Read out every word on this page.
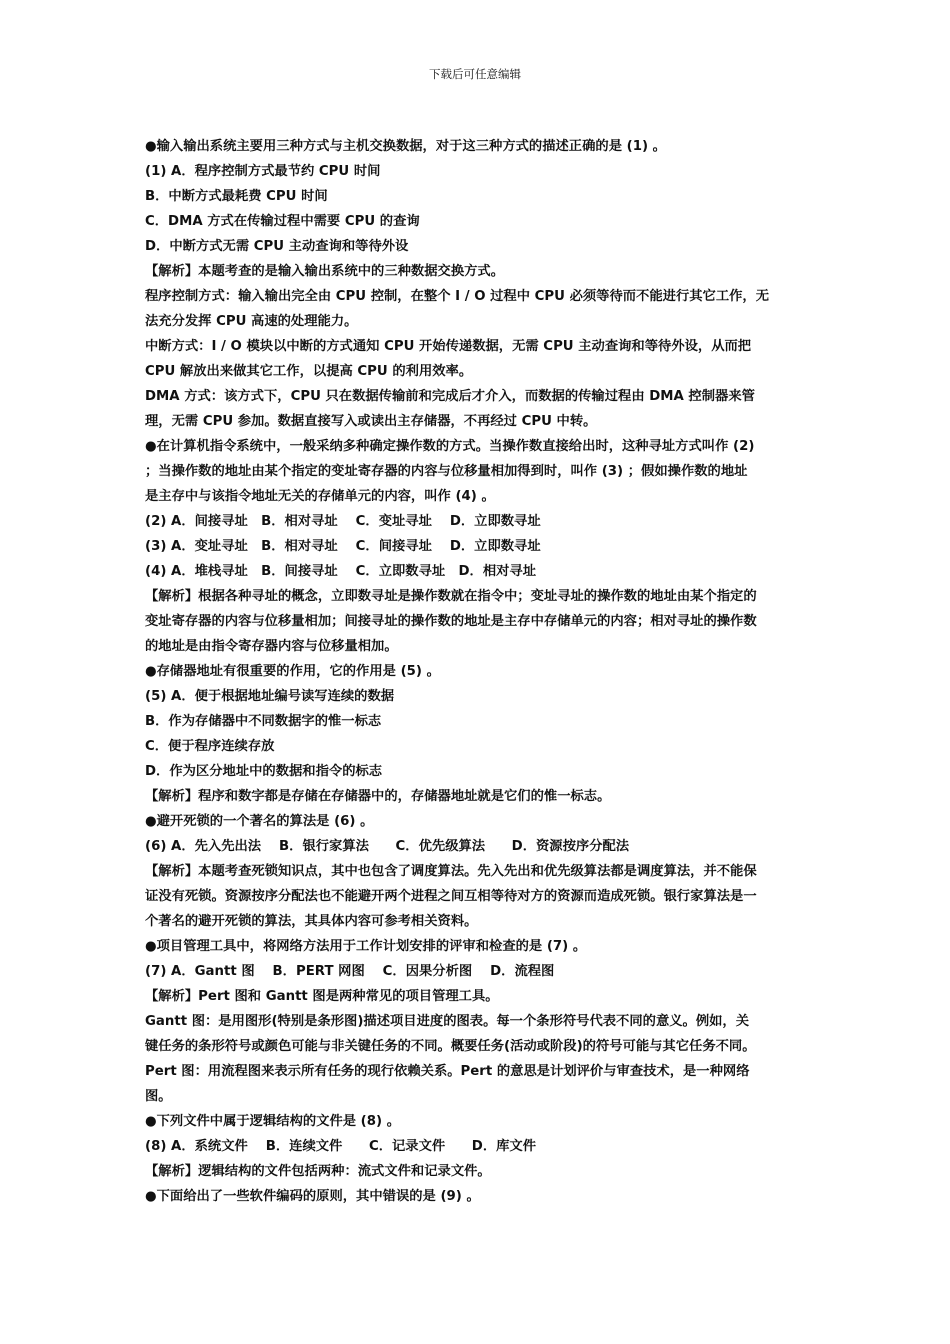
下载后可任意编辑

●输入输出系统主要用三种方式与主机交换数据，对于这三种方式的描述正确的是 (1) 。

(1) A．程序控制方式最节约 CPU 时间

B．中断方式最耗费 CPU 时间

C．DMA 方式在传输过程中需要 CPU 的查询

D．中断方式无需 CPU 主动查询和等待外设

【解析】本题考查的是输入输出系统中的三种数据交换方式。

程序控制方式：输入输出完全由 CPU 控制，在整个 I / O 过程中 CPU 必须等待而不能进行其它工作，无

法充分发挥 CPU 高速的处理能力。

中断方式：I / O 模块以中断的方式通知 CPU 开始传递数据，无需 CPU 主动查询和等待外设，从而把

CPU 解放出来做其它工作，以提高 CPU 的利用效率。

DMA 方式：该方式下，CPU 只在数据传输前和完成后才介入，而数据的传输过程由 DMA 控制器来管

理，无需 CPU 参加。数据直接写入或读出主存储器，不再经过 CPU 中转。

●在计算机指令系统中，一般采纳多种确定操作数的方式。当操作数直接给出时，这种寻址方式叫作 (2)

；当操作数的地址由某个指定的变址寄存器的内容与位移量相加得到时，叫作 (3) ；假如操作数的地址

是主存中与该指令地址无关的存储单元的内容，叫作 (4) 。

(2) A．间接寻址　B．相对寻址　 C．变址寻址　 D．立即数寻址

(3) A．变址寻址　B．相对寻址　 C．间接寻址　 D．立即数寻址

(4) A．堆栈寻址　B．间接寻址　 C．立即数寻址　D．相对寻址

【解析】根据各种寻址的概念，立即数寻址是操作数就在指令中；变址寻址的操作数的地址由某个指定的

变址寄存器的内容与位移量相加；间接寻址的操作数的地址是主存中存储单元的内容；相对寻址的操作数

的地址是由指令寄存器内容与位移量相加。

●存储器地址有很重要的作用，它的作用是 (5) 。

(5) A．便于根据地址编号读写连续的数据

B．作为存储器中不同数据字的惟一标志

C．便于程序连续存放

D．作为区分地址中的数据和指令的标志

【解析】程序和数字都是存储在存储器中的，存储器地址就是它们的惟一标志。

●避开死锁的一个著名的算法是 (6) 。

(6) A．先入先出法　 B．银行家算法　　C．优先级算法　　D．资源按序分配法

【解析】本题考查死锁知识点，其中也包含了调度算法。先入先出和优先级算法都是调度算法，并不能保

证没有死锁。资源按序分配法也不能避开两个进程之间互相等待对方的资源而造成死锁。银行家算法是一

个著名的避开死锁的算法，其具体内容可参考相关资料。

●项目管理工具中，将网络方法用于工作计划安排的评审和检查的是 (7) 。

(7) A．Gantt 图　 B．PERT 网图　 C．因果分析图　 D．流程图

【解析】Pert 图和 Gantt 图是两种常见的项目管理工具。

Gantt 图：是用图形(特别是条形图)描述项目进度的图表。每一个条形符号代表不同的意义。例如，关

键任务的条形符号或颜色可能与非关键任务的不同。概要任务(活动或阶段)的符号可能与其它任务不同。

Pert 图：用流程图来表示所有任务的现行依赖关系。Pert 的意思是计划评价与审查技术，是一种网络

图。

●下列文件中属于逻辑结构的文件是 (8) 。

(8) A．系统文件　 B．连续文件　　C．记录文件　　D．库文件

【解析】逻辑结构的文件包括两种：流式文件和记录文件。

●下面给出了一些软件编码的原则，其中错误的是 (9) 。
